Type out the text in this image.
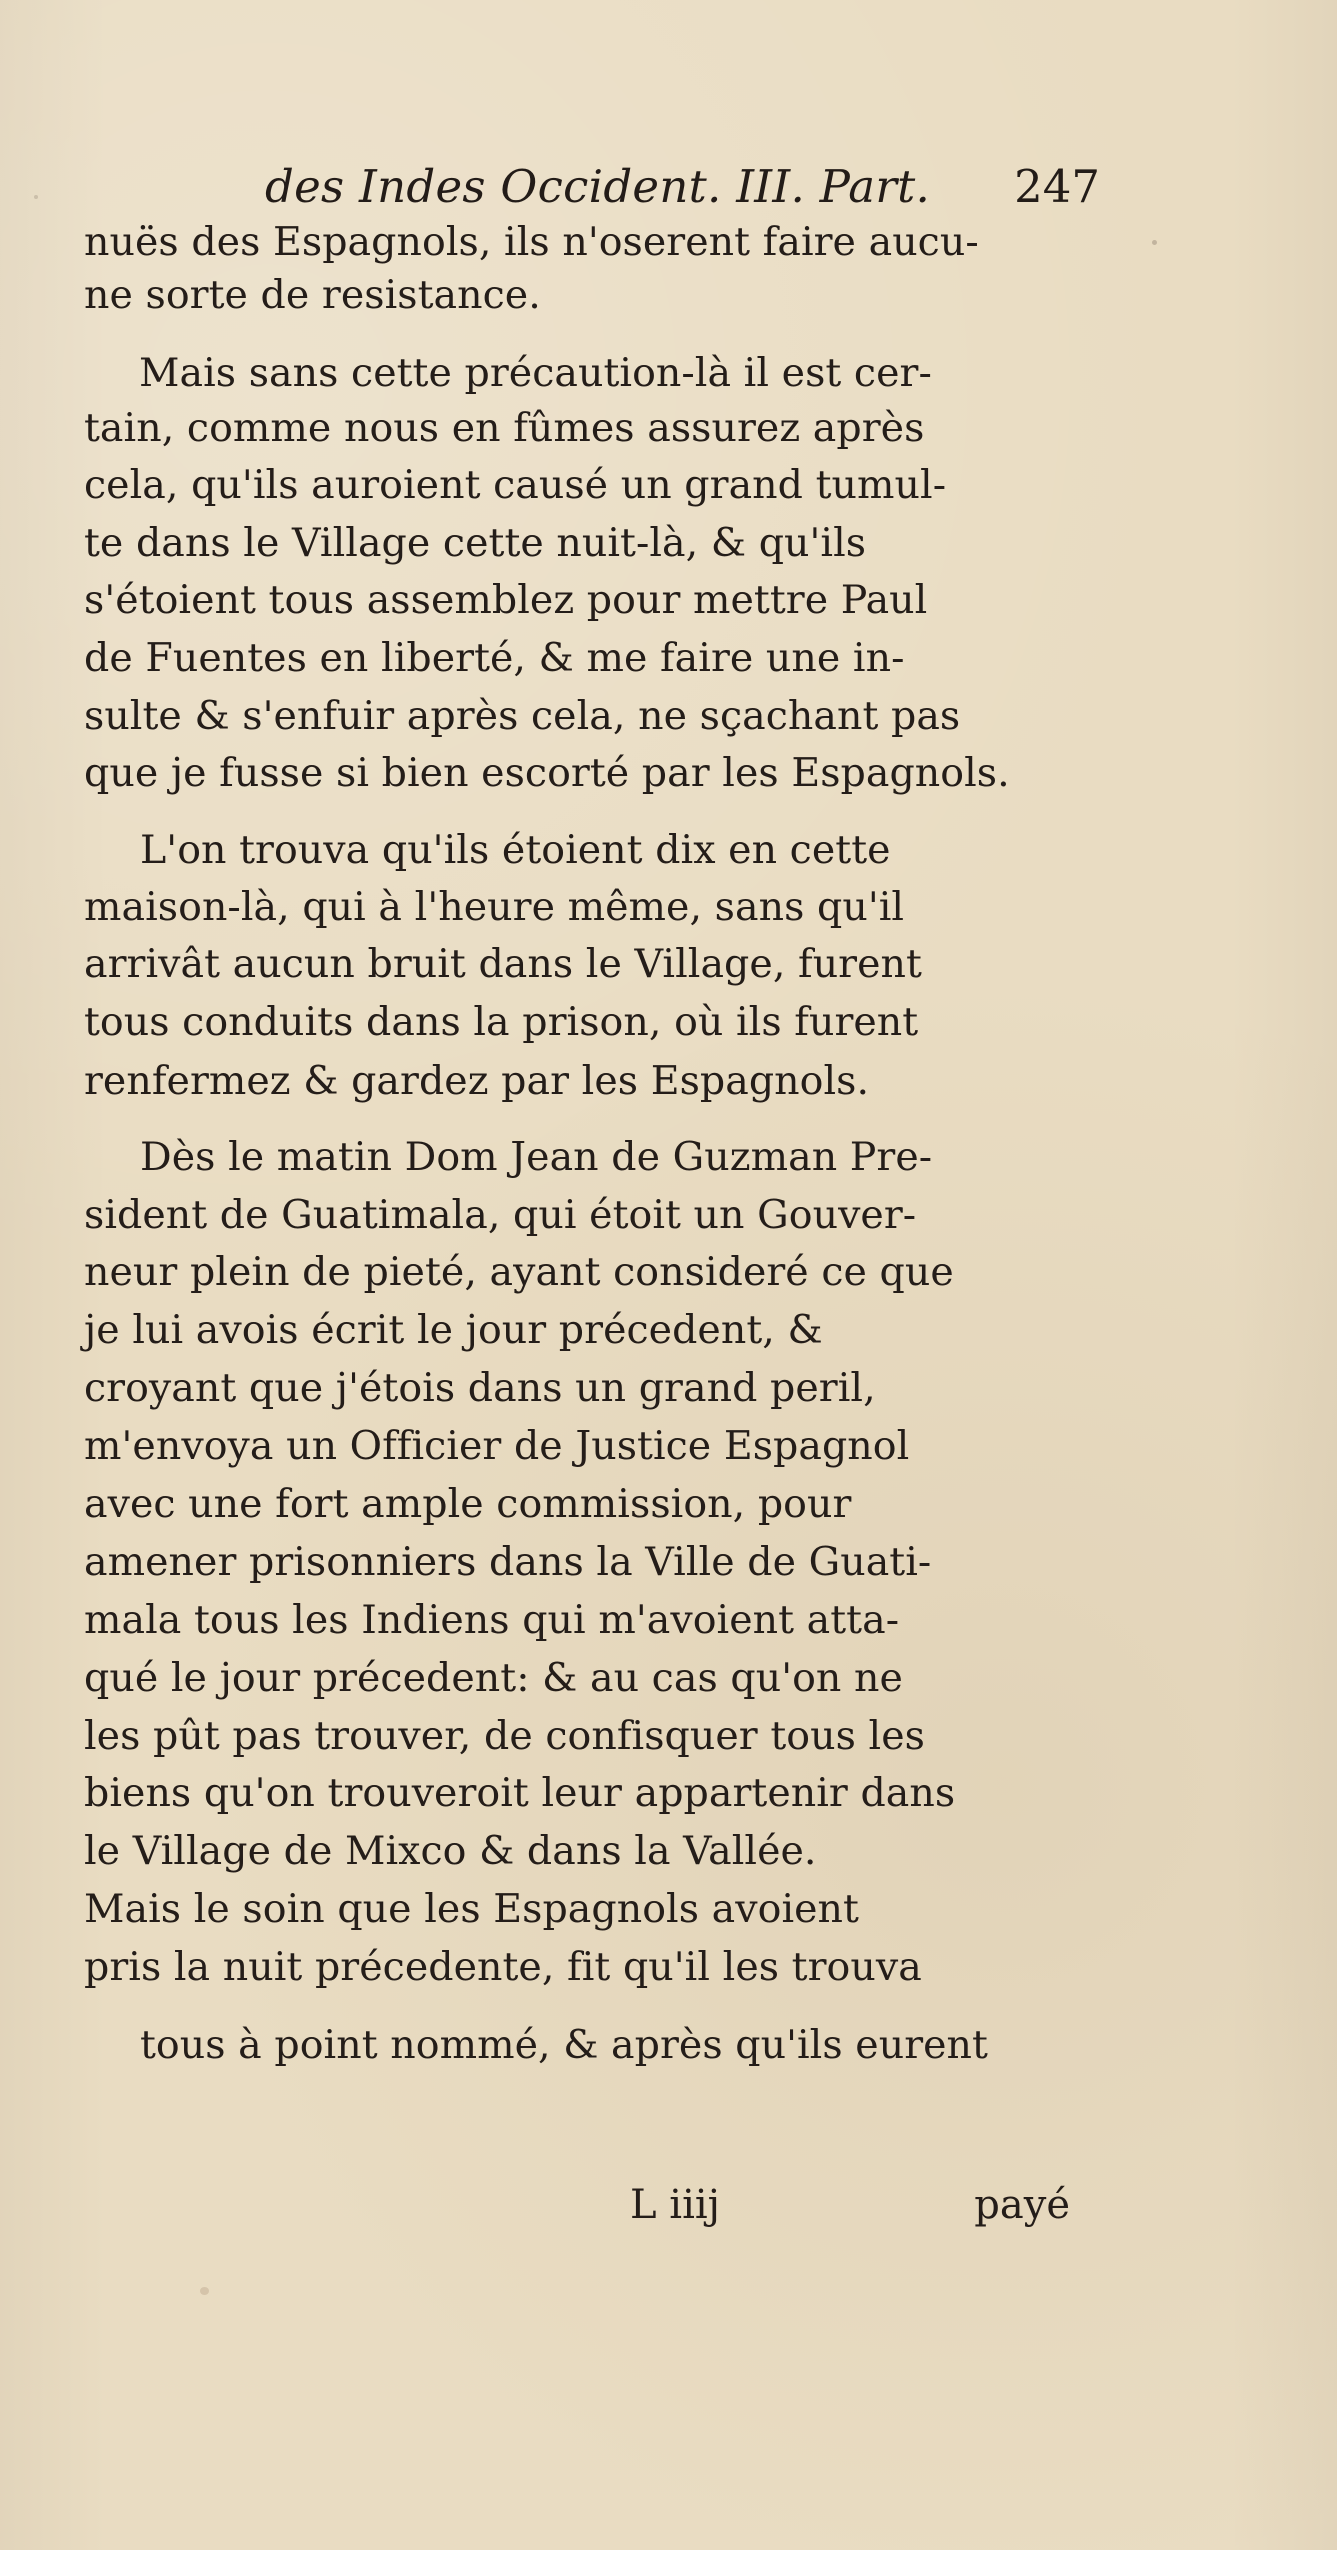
des Indes Occident. III. Part. 247
nuës des Espagnols, ils n'oserent faire aucu-
ne sorte de resistance.
Mais sans cette précaution-là il est cer-
tain, comme nous en fûmes assurez après
cela, qu'ils auroient causé un grand tumul-
te dans le Village cette nuit-là, & qu'ils
s'étoient tous assemblez pour mettre Paul
de Fuentes en liberté, & me faire une in-
sulte & s'enfuir après cela, ne sçachant pas
que je fusse si bien escorté par les Espagnols.
L'on trouva qu'ils étoient dix en cette
maison-là, qui à l'heure même, sans qu'il
arrivât aucun bruit dans le Village, furent
tous conduits dans la prison, où ils furent
renfermez & gardez par les Espagnols.
Dès le matin Dom Jean de Guzman Pre-
sident de Guatimala, qui étoit un Gouver-
neur plein de pieté, ayant consideré ce que
je lui avois écrit le jour précedent, &
croyant que j'étois dans un grand peril,
m'envoya un Officier de Justice Espagnol
avec une fort ample commission, pour
amener prisonniers dans la Ville de Guati-
mala tous les Indiens qui m'avoient atta-
qué le jour précedent: & au cas qu'on ne
les pût pas trouver, de confisquer tous les
biens qu'on trouveroit leur appartenir dans
le Village de Mixco & dans la Vallée.
Mais le soin que les Espagnols avoient
pris la nuit précedente, fit qu'il les trouva
tous à point nommé, & après qu'ils eurent
L iiij	payé
